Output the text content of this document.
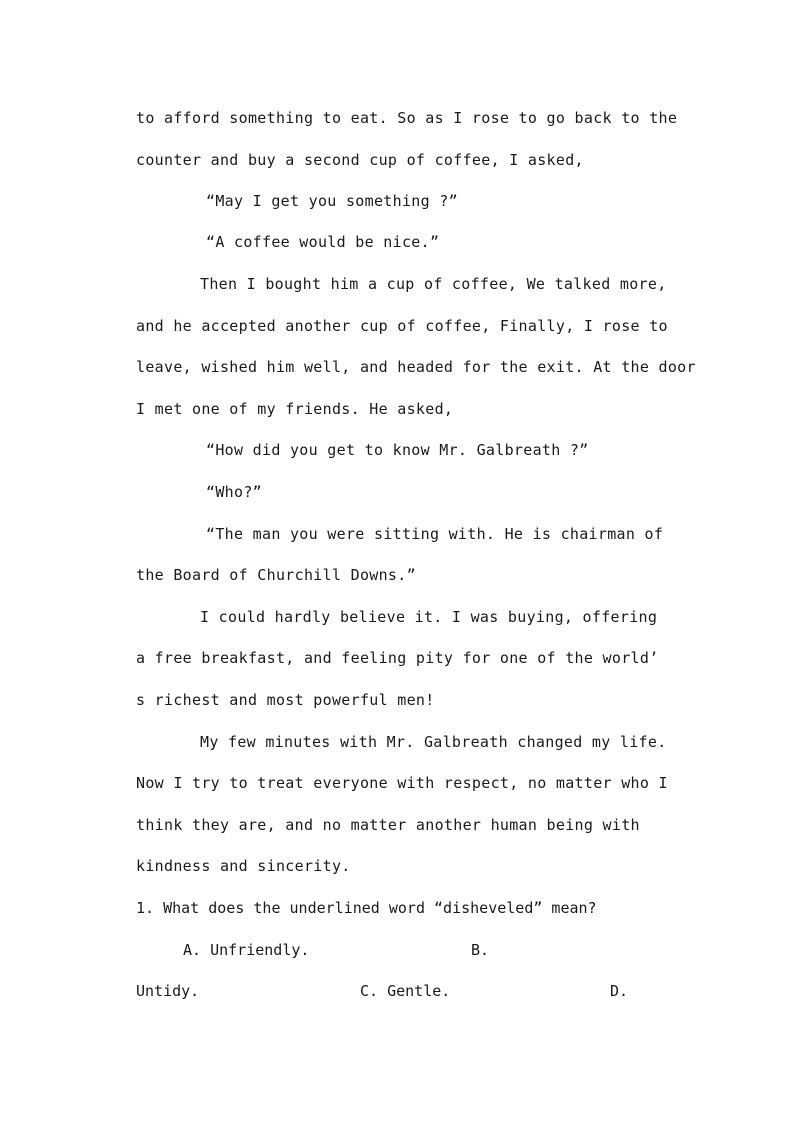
to afford something to eat. So as I rose to go back to the
counter and buy a second cup of coffee, I asked,
“May I get you something ?”
“A coffee would be nice.”
Then I bought him a cup of coffee, We talked more,
and he accepted another cup of coffee, Finally, I rose to
leave, wished him well, and headed for the exit. At the door
I met one of my friends. He asked,
“How did you get to know Mr. Galbreath ?”
“Who?”
“The man you were sitting with. He is chairman of
the Board of Churchill Downs.”
I could hardly believe it. I was buying, offering
a free breakfast, and feeling pity for one of the world’
s richest and most powerful men!
My few minutes with Mr. Galbreath changed my life.
Now I try to treat everyone with respect, no matter who I
think they are, and no matter another human being with
kindness and sincerity.
1. What does the underlined word “disheveled” mean?
A. Unfriendly.	B.
Untidy.	C. Gentle.	D.
